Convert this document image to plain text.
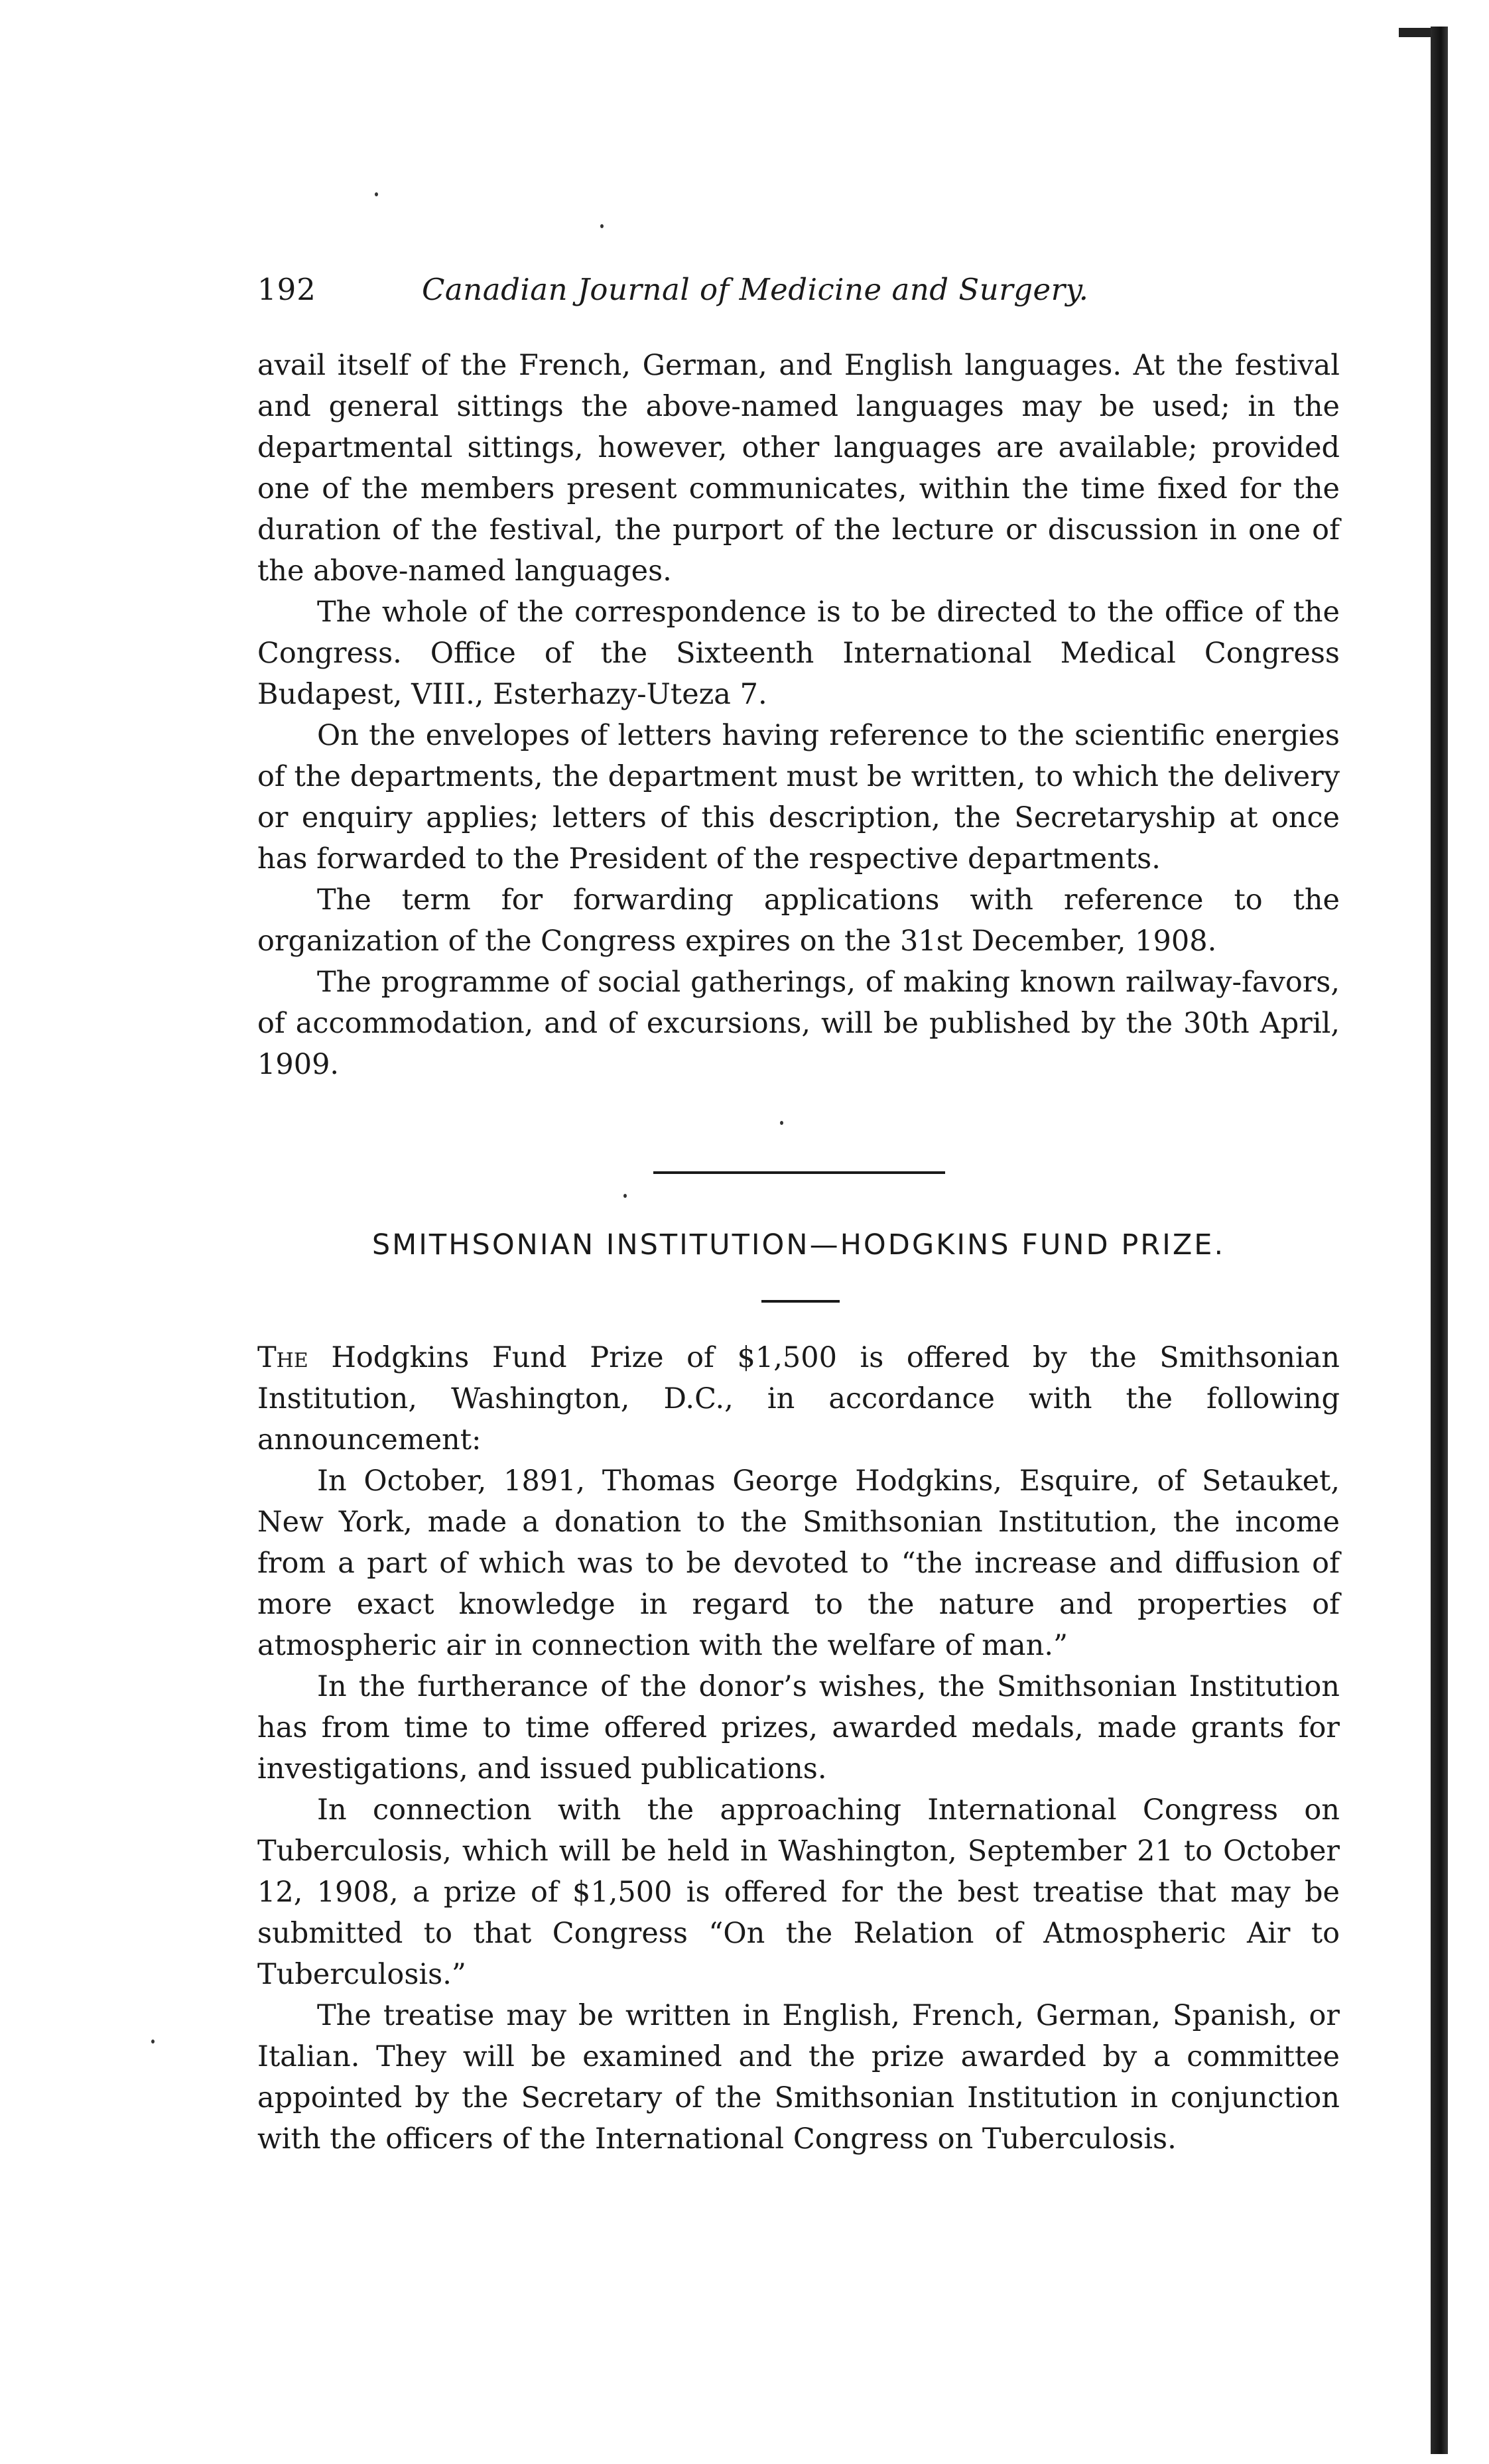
192	Canadian Journal of Medicine and Surgery.

avail itself of the French, German, and English languages. At the festival and general sittings the above-named languages may be used; in the departmental sittings, however, other languages are available; provided one of the members present communicates, within the time fixed for the duration of the festival, the purport of the lecture or discussion in one of the above-named languages.

The whole of the correspondence is to be directed to the office of the Congress. Office of the Sixteenth International Medical Congress Budapest, VIII., Esterhazy-Uteza 7.

On the envelopes of letters having reference to the scientific energies of the departments, the department must be written, to which the delivery or enquiry applies; letters of this description, the Secretaryship at once has forwarded to the President of the respective departments.

The term for forwarding applications with reference to the organization of the Congress expires on the 31st December, 1908.

The programme of social gatherings, of making known railway-favors, of accommodation, and of excursions, will be published by the 30th April, 1909.

SMITHSONIAN INSTITUTION—HODGKINS FUND PRIZE.

The Hodgkins Fund Prize of $1,500 is offered by the Smithsonian Institution, Washington, D.C., in accordance with the following announcement:

In October, 1891, Thomas George Hodgkins, Esquire, of Setauket, New York, made a donation to the Smithsonian Institution, the income from a part of which was to be devoted to “the increase and diffusion of more exact knowledge in regard to the nature and properties of atmospheric air in connection with the welfare of man.”

In the furtherance of the donor’s wishes, the Smithsonian Institution has from time to time offered prizes, awarded medals, made grants for investigations, and issued publications.

In connection with the approaching International Congress on Tuberculosis, which will be held in Washington, September 21 to October 12, 1908, a prize of $1,500 is offered for the best treatise that may be submitted to that Congress “On the Relation of Atmospheric Air to Tuberculosis.”

The treatise may be written in English, French, German, Spanish, or Italian. They will be examined and the prize awarded by a committee appointed by the Secretary of the Smithsonian Institution in conjunction with the officers of the International Congress on Tuberculosis.
